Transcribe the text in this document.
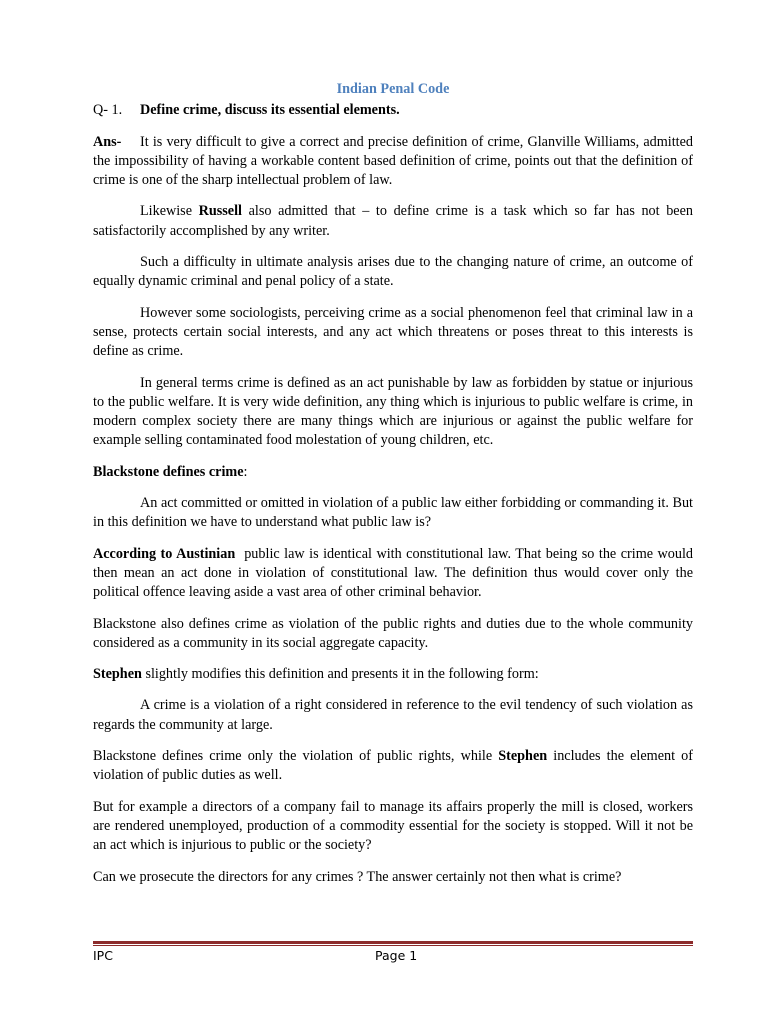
Indian Penal Code
Q- 1. Define crime, discuss its essential elements.

Ans- It is very difficult to give a correct and precise definition of crime, Glanville Williams, admitted the impossibility of having a workable content based definition of crime, points out that the definition of crime is one of the sharp intellectual problem of law.

Likewise Russell also admitted that – to define crime is a task which so far has not been satisfactorily accomplished by any writer.

Such a difficulty in ultimate analysis arises due to the changing nature of crime, an outcome of equally dynamic criminal and penal policy of a state.

However some sociologists, perceiving crime as a social phenomenon feel that criminal law in a sense, protects certain social interests, and any act which threatens or poses threat to this interests is define as crime.

In general terms crime is defined as an act punishable by law as forbidden by statue or injurious to the public welfare. It is very wide definition, any thing which is injurious to public welfare is crime, in modern complex society there are many things which are injurious or against the public welfare for example selling contaminated food molestation of young children, etc.

Blackstone defines crime:

An act committed or omitted in violation of a public law either forbidding or commanding it. But in this definition we have to understand what public law is?

According to Austinian  public law is identical with constitutional law. That being so the crime would then mean an act done in violation of constitutional law. The definition thus would cover only the political offence leaving aside a vast area of other criminal behavior.

Blackstone also defines crime as violation of the public rights and duties due to the whole community considered as a community in its social aggregate capacity.

Stephen slightly modifies this definition and presents it in the following form:

A crime is a violation of a right considered in reference to the evil tendency of such violation as regards the community at large.

Blackstone defines crime only the violation of public rights, while Stephen includes the element of violation of public duties as well.

But for example a directors of a company fail to manage its affairs properly the mill is closed, workers are rendered unemployed, production of a commodity essential for the society is stopped. Will it not be an act which is injurious to public or the society?

Can we prosecute the directors for any crimes ? The answer certainly not then what is crime?

IPC	Page 1
